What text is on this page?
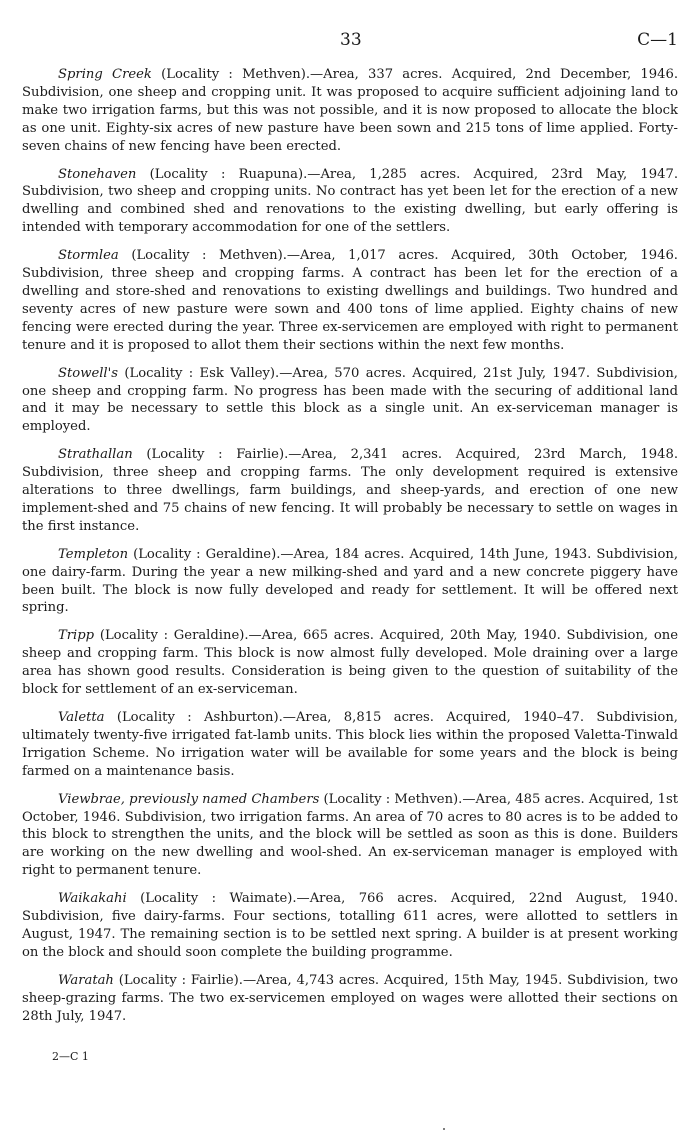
33	C—1

Spring Creek (Locality : Methven).—Area, 337 acres. Acquired, 2nd December, 1946. Subdivision, one sheep and cropping unit. It was proposed to acquire sufficient adjoining land to make two irrigation farms, but this was not possible, and it is now proposed to allocate the block as one unit. Eighty-six acres of new pasture have been sown and 215 tons of lime applied. Forty-seven chains of new fencing have been erected.

Stonehaven (Locality : Ruapuna).—Area, 1,285 acres. Acquired, 23rd May, 1947. Subdivision, two sheep and cropping units. No contract has yet been let for the erection of a new dwelling and combined shed and renovations to the existing dwelling, but early offering is intended with temporary accommodation for one of the settlers.

Stormlea (Locality : Methven).—Area, 1,017 acres. Acquired, 30th October, 1946. Subdivision, three sheep and cropping farms. A contract has been let for the erection of a dwelling and store-shed and renovations to existing dwellings and buildings. Two hundred and seventy acres of new pasture were sown and 400 tons of lime applied. Eighty chains of new fencing were erected during the year. Three ex-servicemen are employed with right to permanent tenure and it is proposed to allot them their sections within the next few months.

Stowell's (Locality : Esk Valley).—Area, 570 acres. Acquired, 21st July, 1947. Subdivision, one sheep and cropping farm. No progress has been made with the securing of additional land and it may be necessary to settle this block as a single unit. An ex-serviceman manager is employed.

Strathallan (Locality : Fairlie).—Area, 2,341 acres. Acquired, 23rd March, 1948. Subdivision, three sheep and cropping farms. The only development required is extensive alterations to three dwellings, farm buildings, and sheep-yards, and erection of one new implement-shed and 75 chains of new fencing. It will probably be necessary to settle on wages in the first instance.

Templeton (Locality : Geraldine).—Area, 184 acres. Acquired, 14th June, 1943. Subdivision, one dairy-farm. During the year a new milking-shed and yard and a new concrete piggery have been built. The block is now fully developed and ready for settlement. It will be offered next spring.

Tripp (Locality : Geraldine).—Area, 665 acres. Acquired, 20th May, 1940. Subdivision, one sheep and cropping farm. This block is now almost fully developed. Mole draining over a large area has shown good results. Consideration is being given to the question of suitability of the block for settlement of an ex-serviceman.

Valetta (Locality : Ashburton).—Area, 8,815 acres. Acquired, 1940–47. Subdivision, ultimately twenty-five irrigated fat-lamb units. This block lies within the proposed Valetta-Tinwald Irrigation Scheme. No irrigation water will be available for some years and the block is being farmed on a maintenance basis.

Viewbrae, previously named Chambers (Locality : Methven).—Area, 485 acres. Acquired, 1st October, 1946. Subdivision, two irrigation farms. An area of 70 acres to 80 acres is to be added to this block to strengthen the units, and the block will be settled as soon as this is done. Builders are working on the new dwelling and wool-shed. An ex-serviceman manager is employed with right to permanent tenure.

Waikakahi (Locality : Waimate).—Area, 766 acres. Acquired, 22nd August, 1940. Subdivision, five dairy-farms. Four sections, totalling 611 acres, were allotted to settlers in August, 1947. The remaining section is to be settled next spring. A builder is at present working on the block and should soon complete the building programme.

Waratah (Locality : Fairlie).—Area, 4,743 acres. Acquired, 15th May, 1945. Subdivision, two sheep-grazing farms. The two ex-servicemen employed on wages were allotted their sections on 28th July, 1947.

2—C 1
